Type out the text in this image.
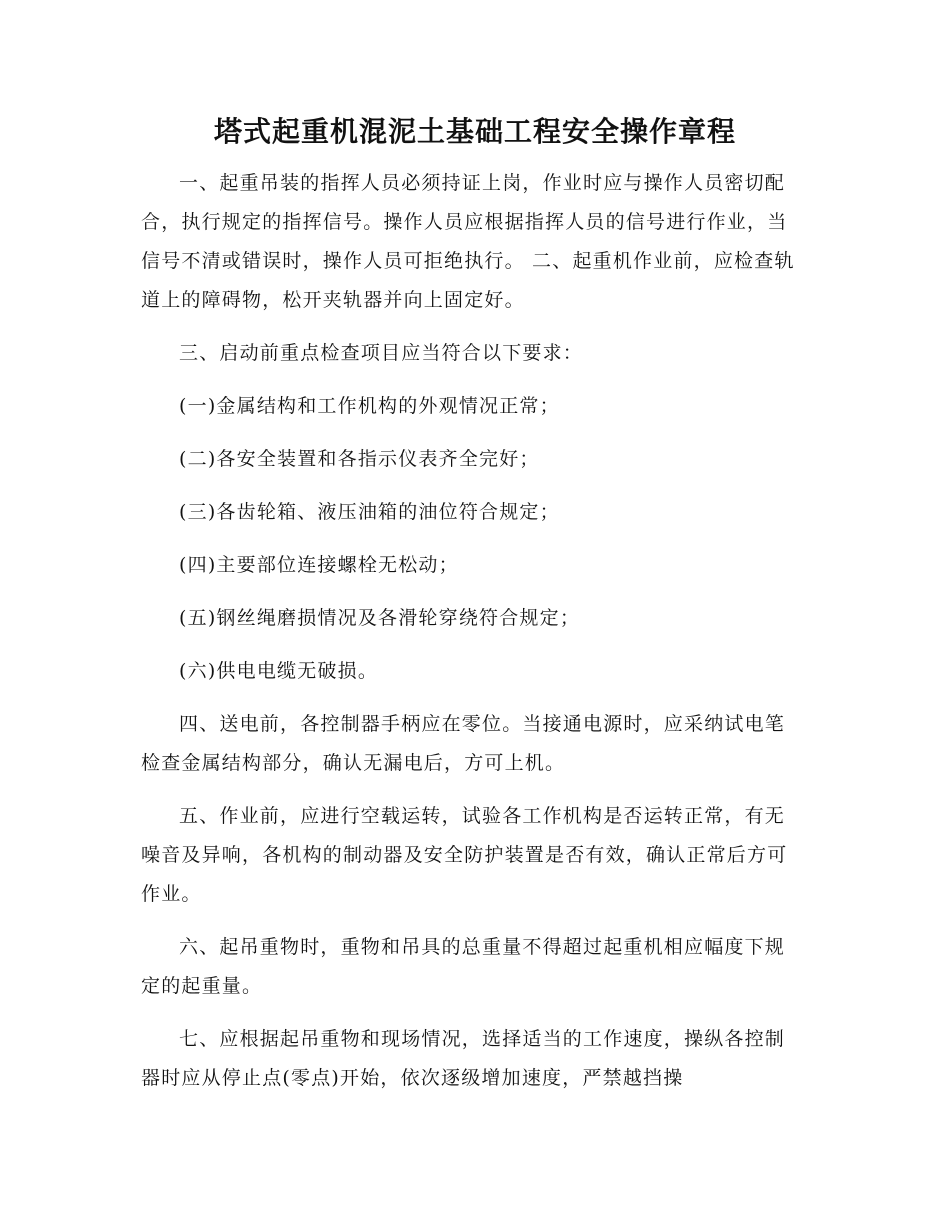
塔式起重机混泥土基础工程安全操作章程

一、起重吊装的指挥人员必须持证上岗，作业时应与操作人员密切配合，执行规定的指挥信号。操作人员应根据指挥人员的信号进行作业，当信号不清或错误时，操作人员可拒绝执行。 二、起重机作业前，应检查轨道上的障碍物，松开夹轨器并向上固定好。

三、启动前重点检查项目应当符合以下要求：

(一)金属结构和工作机构的外观情况正常；

(二)各安全装置和各指示仪表齐全完好；

(三)各齿轮箱、液压油箱的油位符合规定；

(四)主要部位连接螺栓无松动；

(五)钢丝绳磨损情况及各滑轮穿绕符合规定；

(六)供电电缆无破损。

四、送电前，各控制器手柄应在零位。当接通电源时，应采纳试电笔检查金属结构部分，确认无漏电后，方可上机。

五、作业前，应进行空载运转，试验各工作机构是否运转正常，有无噪音及异响，各机构的制动器及安全防护装置是否有效，确认正常后方可作业。

六、起吊重物时，重物和吊具的总重量不得超过起重机相应幅度下规定的起重量。

七、应根据起吊重物和现场情况，选择适当的工作速度，操纵各控制器时应从停止点(零点)开始，依次逐级增加速度，严禁越挡操
